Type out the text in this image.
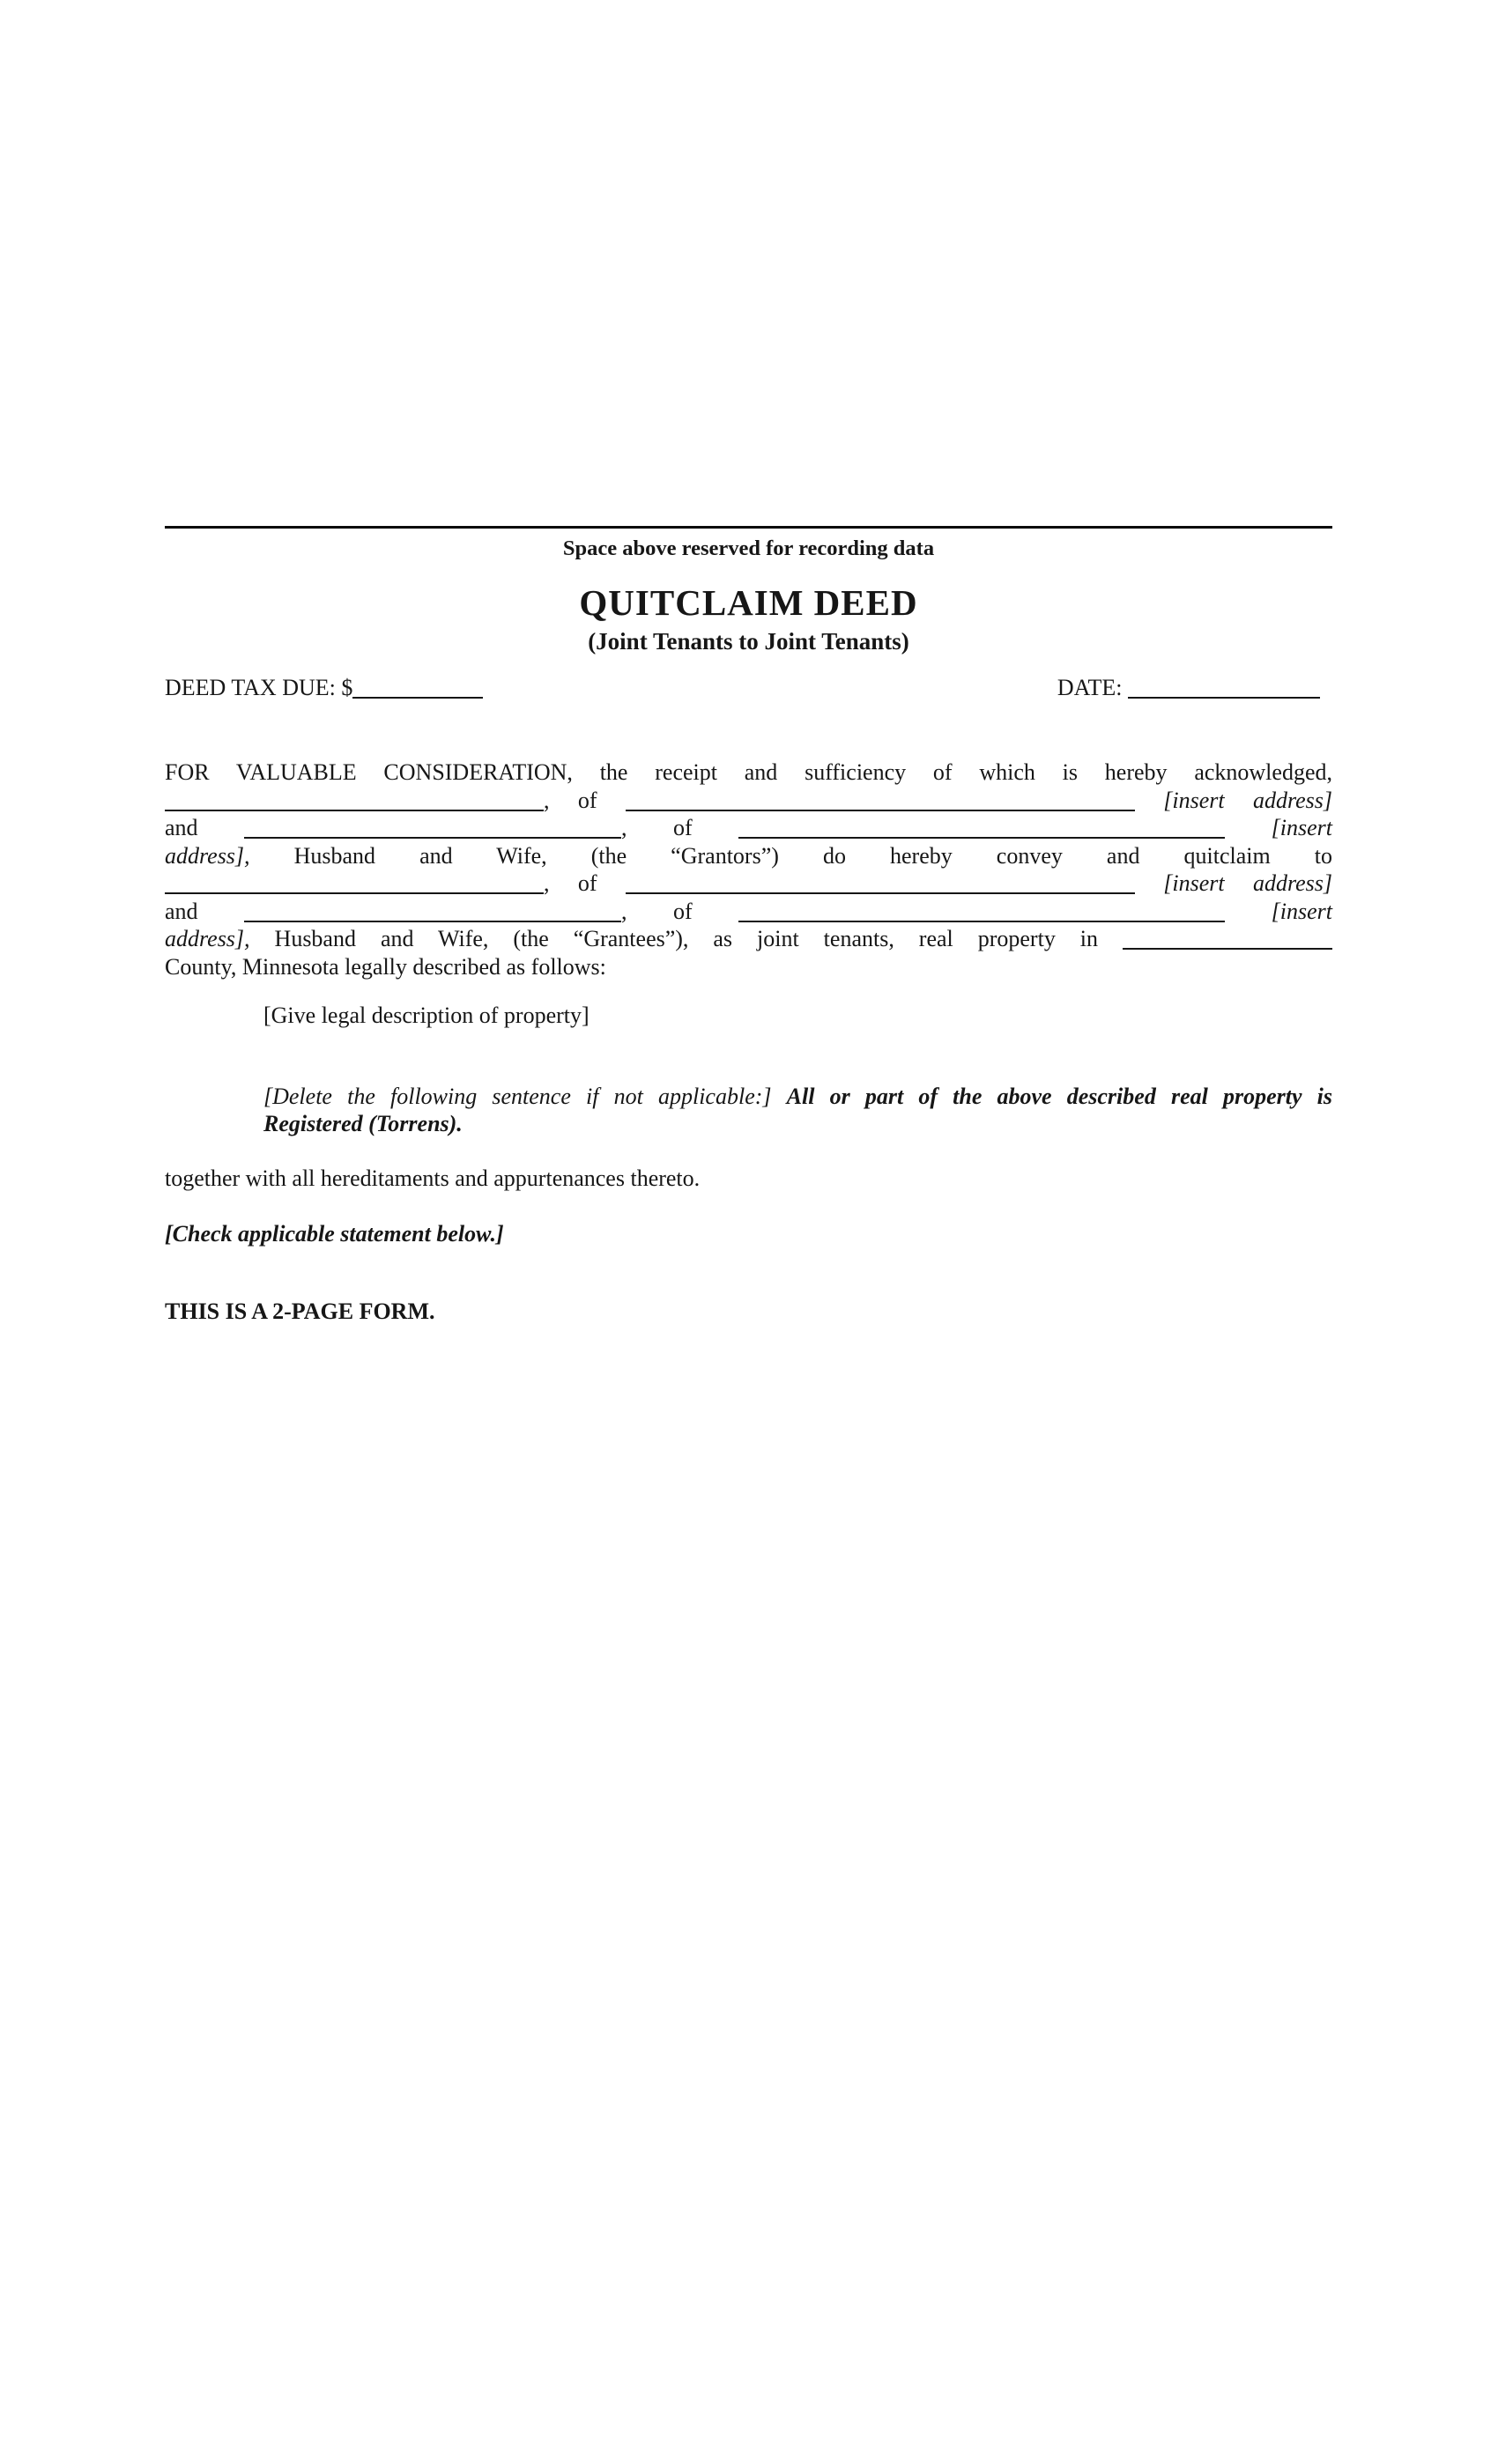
Space above reserved for recording data
QUITCLAIM DEED
(Joint Tenants to Joint Tenants)
DEED TAX DUE: $	DATE:
FOR VALUABLE CONSIDERATION, the receipt and sufficiency of which is hereby acknowledged,
, of	[insert address]
and	, of	[insert
address], Husband and Wife, (the “Grantors”) do hereby convey and quitclaim to
, of	[insert address]
and	, of	[insert
address], Husband and Wife, (the “Grantees”), as joint tenants, real property in
County, Minnesota legally described as follows:
[Give legal description of property]
[Delete the following sentence if not applicable:] All or part of the above described real property is
Registered (Torrens).
together with all hereditaments and appurtenances thereto.
[Check applicable statement below.]
THIS IS A 2-PAGE FORM.
